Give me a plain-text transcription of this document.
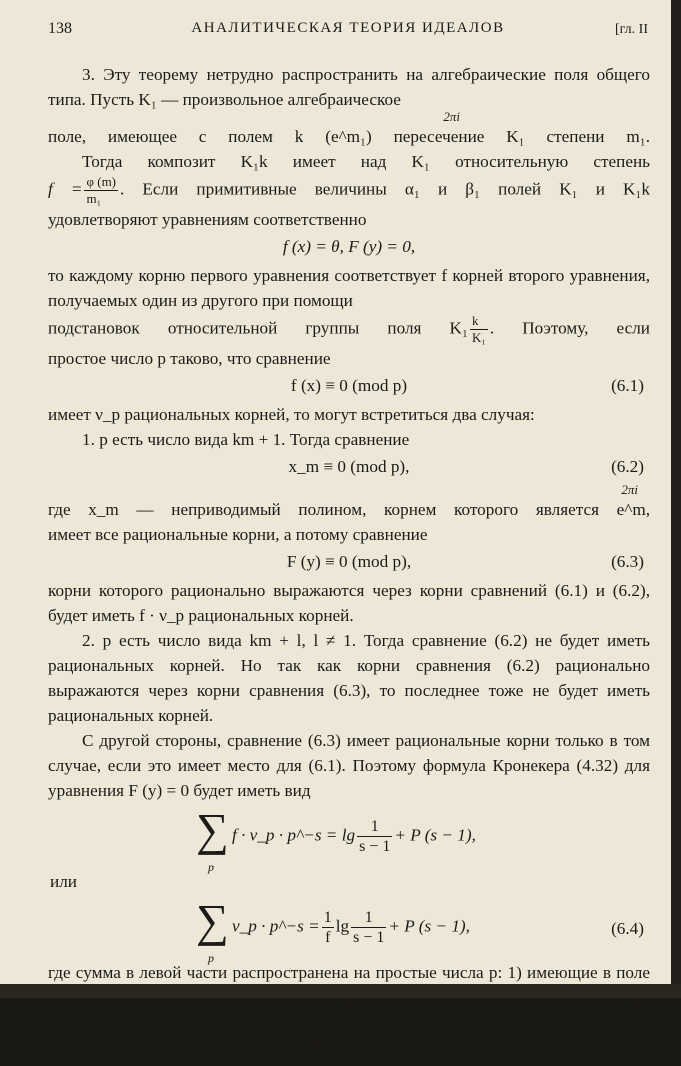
138	АНАЛИТИЧЕСКАЯ ТЕОРИЯ ИДЕАЛОВ	[гл. II

3. Эту теорему нетрудно распространить на алгебраические поля общего типа. Пусть K₁ — произвольное алгебраическое

2πi

поле, имеющее с полем k (e^m₁) пересечение K₁ степени m₁.

Тогда композит K₁k имеет над K₁ относительную степень

$f = \frac{\varphi (m)}{\text{m₁}}$ . Если примитивные величины α₁ и β₁ полей K₁ и K₁k

удовлетворяют уравнениям соответственно

f (x) = θ, F (y) = 0,

то каждому корню первого уравнения соответствует f корней второго уравнения, получаемых один из другого при помощи

подстановок относительной группы поля $K_1 \frac{k}{\text{K₁}}$ . Поэтому, если

простое число p таково, что сравнение

f (x) ≡ 0 (mod p)	(6.1)

имеет ν_p рациональных корней, то могут встретиться два случая:

1. p есть число вида km + 1. Тогда сравнение

x_m ≡ 0 (mod p),	(6.2)
2πi

где x_m — неприводимый полином, корнем которого является e^m,

имеет все рациональные корни, а потому сравнение

F (y) ≡ 0 (mod p),	(6.3)

корни которого рационально выражаются через корни сравнений (6.1) и (6.2), будет иметь f · ν_p рациональных корней.

2. p есть число вида km + l, l ≠ 1. Тогда сравнение (6.2) не будет иметь рациональных корней. Но так как корни сравнения (6.2) рационально выражаются через корни сравнения (6.3), то последнее тоже не будет иметь рациональных корней.

С другой стороны, сравнение (6.3) имеет рациональные корни только в том случае, если это имеет место для (6.1). Поэтому формула Кронекера (4.32) для уравнения F (y) = 0 будет иметь вид

∑
p
f · ν_p · p^−s = $\lg \frac{1}{s - 1} + P$ (s − 1),

или

∑
p
ν_p · p^−s = $\frac{1}{f}$ $\lg \frac{1}{s - 1} + P$ (s − 1),	(6.4)

где сумма в левой части распространена на простые числа p: 1) имеющие в поле сравнению

p ≡ 1 (mod m).	(6.5)
